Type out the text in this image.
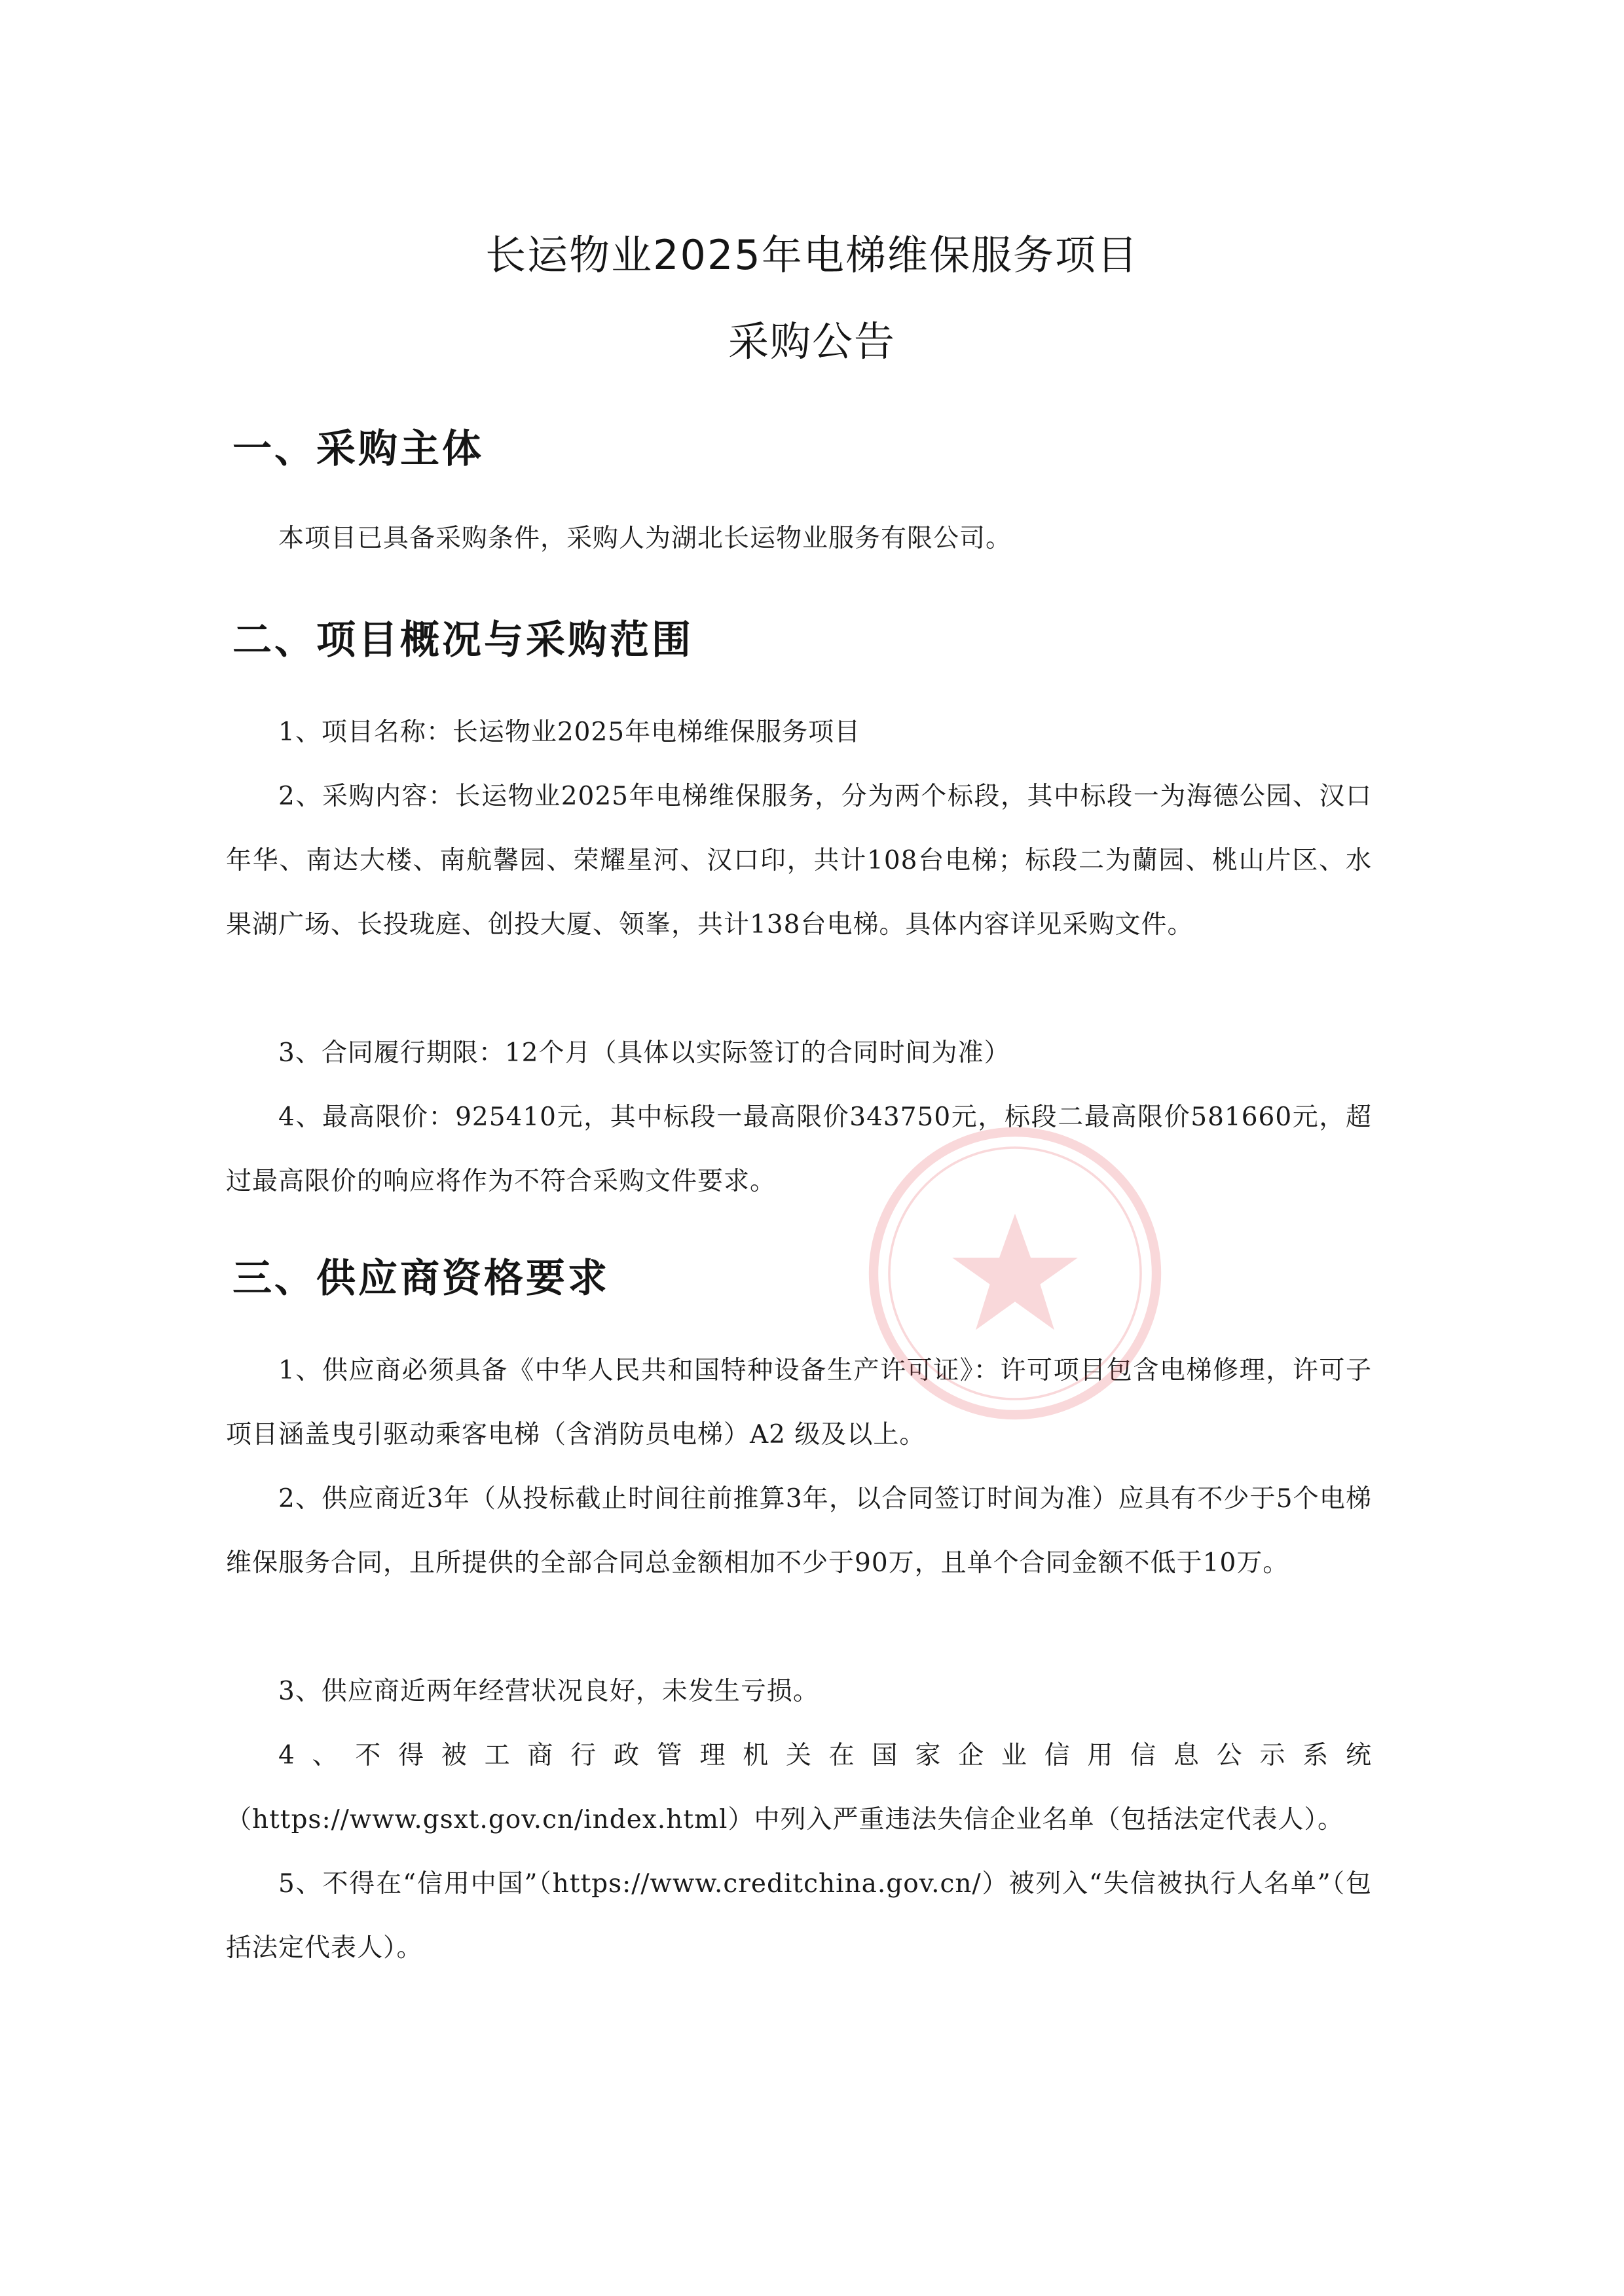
长运物业2025年电梯维保服务项目
采购公告
一、采购主体
本项目已具备采购条件，采购人为湖北长运物业服务有限公司。
二、项目概况与采购范围
1、项目名称：长运物业2025年电梯维保服务项目
2、采购内容：长运物业2025年电梯维保服务，分为两个标段，其中标段一为海德公园、汉口年华、南达大楼、南航馨园、荣耀星河、汉口印，共计108台电梯；标段二为蘭园、桃山片区、水果湖广场、长投珑庭、创投大厦、领峯，共计138台电梯。具体内容详见采购文件。
3、合同履行期限：12个月（具体以实际签订的合同时间为准）
4、最高限价：925410元，其中标段一最高限价343750元，标段二最高限价581660元，超过最高限价的响应将作为不符合采购文件要求。
三、供应商资格要求
1、供应商必须具备《中华人民共和国特种设备生产许可证》：许可项目包含电梯修理，许可子项目涵盖曳引驱动乘客电梯（含消防员电梯）A2 级及以上。
2、供应商近3年（从投标截止时间往前推算3年，以合同签订时间为准）应具有不少于5个电梯维保服务合同，且所提供的全部合同总金额相加不少于90万，且单个合同金额不低于10万。
3、供应商近两年经营状况良好，未发生亏损。
4、不得被工商行政管理机关在国家企业信用信息公示系统（https://www.gsxt.gov.cn/index.html）中列入严重违法失信企业名单（包括法定代表人）。
5、不得在“信用中国”（https://www.creditchina.gov.cn/）被列入“失信被执行人名单”（包括法定代表人）。
